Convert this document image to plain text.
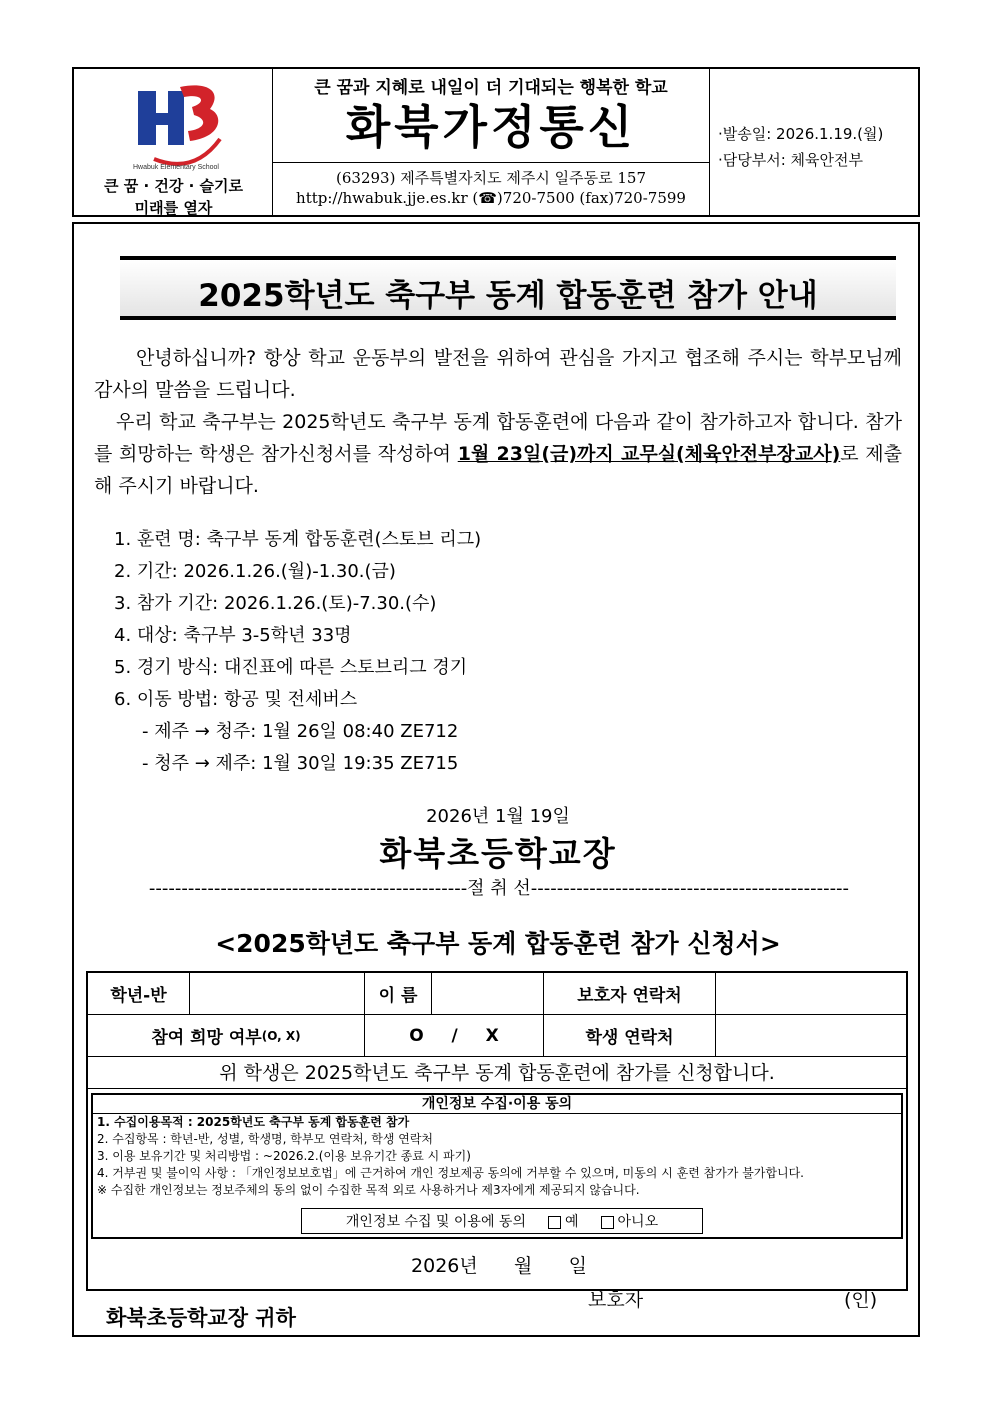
Hwabuk Elementary School
큰 꿈 · 건강 · 슬기로
미래를 열자
큰 꿈과 지혜로 내일이 더 기대되는 행복한 학교
화북가정통신
(63293) 제주특별자치도 제주시 일주동로 157
http://hwabuk.jje.es.kr (☎)720-7500 (fax)720-7599
·발송일: 2026.1.19.(월)
·담당부서: 체육안전부
2025학년도 축구부 동계 합동훈련 참가 안내
안녕하십니까? 항상 학교 운동부의 발전을 위하여 관심을 가지고 협조해 주시는 학부모님께 감사의 말씀을 드립니다.
우리 학교 축구부는 2025학년도 축구부 동계 합동훈련에 다음과 같이 참가하고자 합니다. 참가를 희망하는 학생은 참가신청서를 작성하여 1월 23일(금)까지 교무실(체육안전부장교사)로 제출해 주시기 바랍니다.
1. 훈련 명: 축구부 동계 합동훈련(스토브 리그)
2. 기간: 2026.1.26.(월)-1.30.(금)
3. 참가 기간: 2026.1.26.(토)-7.30.(수)
4. 대상: 축구부 3-5학년 33명
5. 경기 방식: 대진표에 따른 스토브리그 경기
6. 이동 방법: 항공 및 전세버스
- 제주 → 청주: 1월 26일 08:40 ZE712
- 청주 → 제주: 1월 30일 19:35 ZE715
2026년 1월 19일
화북초등학교장
-------------------------------------------------절 취 선-------------------------------------------------
<2025학년도 축구부 동계 합동훈련 참가 신청서>
학년-반	이 름	보호자 연락처
참여 희망 여부 (O, X)	O / X	학생 연락처
위 학생은 2025학년도 축구부 동계 합동훈련에 참가를 신청합니다.
개인정보 수집·이용 동의
1. 수집이용목적 : 2025학년도 축구부 동계 합동훈련 참가
2. 수집항목 : 학년-반, 성별, 학생명, 학부모 연락처, 학생 연락처
3. 이용 보유기간 및 처리방법 : ~2026.2.(이용 보유기간 종료 시 파기)
4. 거부권 및 불이익 사항 : 「개인정보보호법」에 근거하여 개인 정보제공 동의에 거부할 수 있으며, 미동의 시 훈련 참가가 불가합니다.
※ 수집한 개인정보는 정보주체의 동의 없이 수집한 목적 외로 사용하거나 제3자에게 제공되지 않습니다.
개인정보 수집 및 이용에 동의	예	아니오
2026년      월      일
보호자	(인)
화북초등학교장 귀하
